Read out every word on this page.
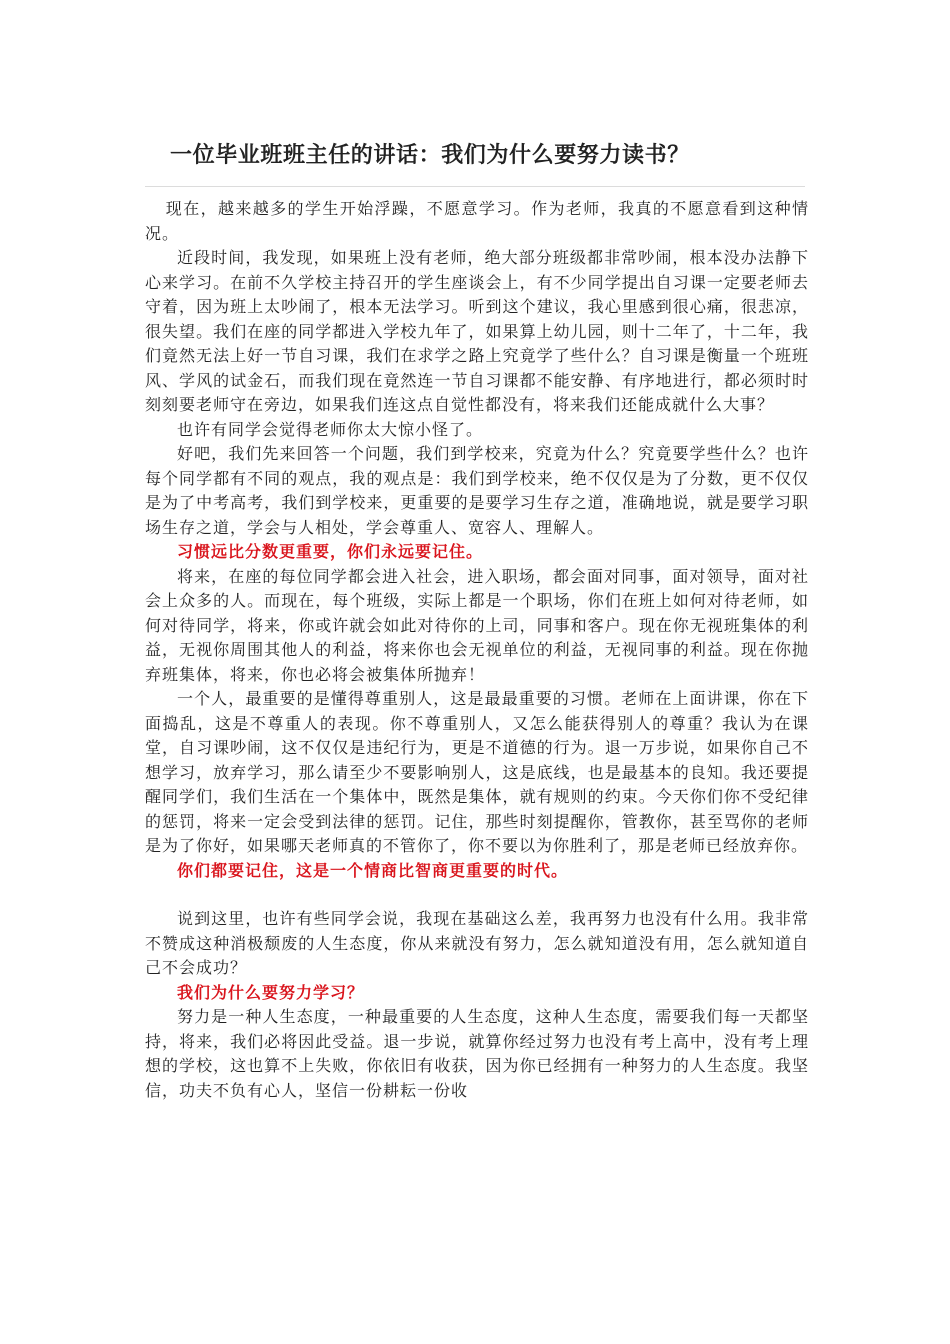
一位毕业班班主任的讲话：我们为什么要努力读书？

现在，越来越多的学生开始浮躁，不愿意学习。作为老师，我真的不愿意看到这种情况。

近段时间，我发现，如果班上没有老师，绝大部分班级都非常吵闹，根本没办法静下心来学习。在前不久学校主持召开的学生座谈会上，有不少同学提出自习课一定要老师去守着，因为班上太吵闹了，根本无法学习。听到这个建议，我心里感到很心痛，很悲凉，很失望。我们在座的同学都进入学校九年了，如果算上幼儿园，则十二年了，十二年，我们竟然无法上好一节自习课，我们在求学之路上究竟学了些什么？自习课是衡量一个班班风、学风的试金石，而我们现在竟然连一节自习课都不能安静、有序地进行，都必须时时刻刻要老师守在旁边，如果我们连这点自觉性都没有，将来我们还能成就什么大事？

也许有同学会觉得老师你太大惊小怪了。

好吧，我们先来回答一个问题，我们到学校来，究竟为什么？究竟要学些什么？也许每个同学都有不同的观点，我的观点是：我们到学校来，绝不仅仅是为了分数，更不仅仅是为了中考高考，我们到学校来，更重要的是要学习生存之道，准确地说，就是要学习职场生存之道，学会与人相处，学会尊重人、宽容人、理解人。

习惯远比分数更重要，你们永远要记住。

将来，在座的每位同学都会进入社会，进入职场，都会面对同事，面对领导，面对社会上众多的人。而现在，每个班级，实际上都是一个职场，你们在班上如何对待老师，如何对待同学，将来，你或许就会如此对待你的上司，同事和客户。现在你无视班集体的利益，无视你周围其他人的利益，将来你也会无视单位的利益，无视同事的利益。现在你抛弃班集体，将来，你也必将会被集体所抛弃！

一个人，最重要的是懂得尊重别人，这是最最重要的习惯。老师在上面讲课，你在下面捣乱，这是不尊重人的表现。你不尊重别人，又怎么能获得别人的尊重？我认为在课堂，自习课吵闹，这不仅仅是违纪行为，更是不道德的行为。退一万步说，如果你自己不想学习，放弃学习，那么请至少不要影响别人，这是底线，也是最基本的良知。我还要提醒同学们，我们生活在一个集体中，既然是集体，就有规则的约束。今天你们你不受纪律的惩罚，将来一定会受到法律的惩罚。记住，那些时刻提醒你，管教你，甚至骂你的老师是为了你好，如果哪天老师真的不管你了，你不要以为你胜利了，那是老师已经放弃你。

你们都要记住，这是一个情商比智商更重要的时代。

说到这里，也许有些同学会说，我现在基础这么差，我再努力也没有什么用。我非常不赞成这种消极颓废的人生态度，你从来就没有努力，怎么就知道没有用，怎么就知道自己不会成功？

我们为什么要努力学习？

努力是一种人生态度，一种最重要的人生态度，这种人生态度，需要我们每一天都坚持，将来，我们必将因此受益。退一步说，就算你经过努力也没有考上高中，没有考上理想的学校，这也算不上失败，你依旧有收获，因为你已经拥有一种努力的人生态度。我坚信，功夫不负有心人，坚信一份耕耘一份收
